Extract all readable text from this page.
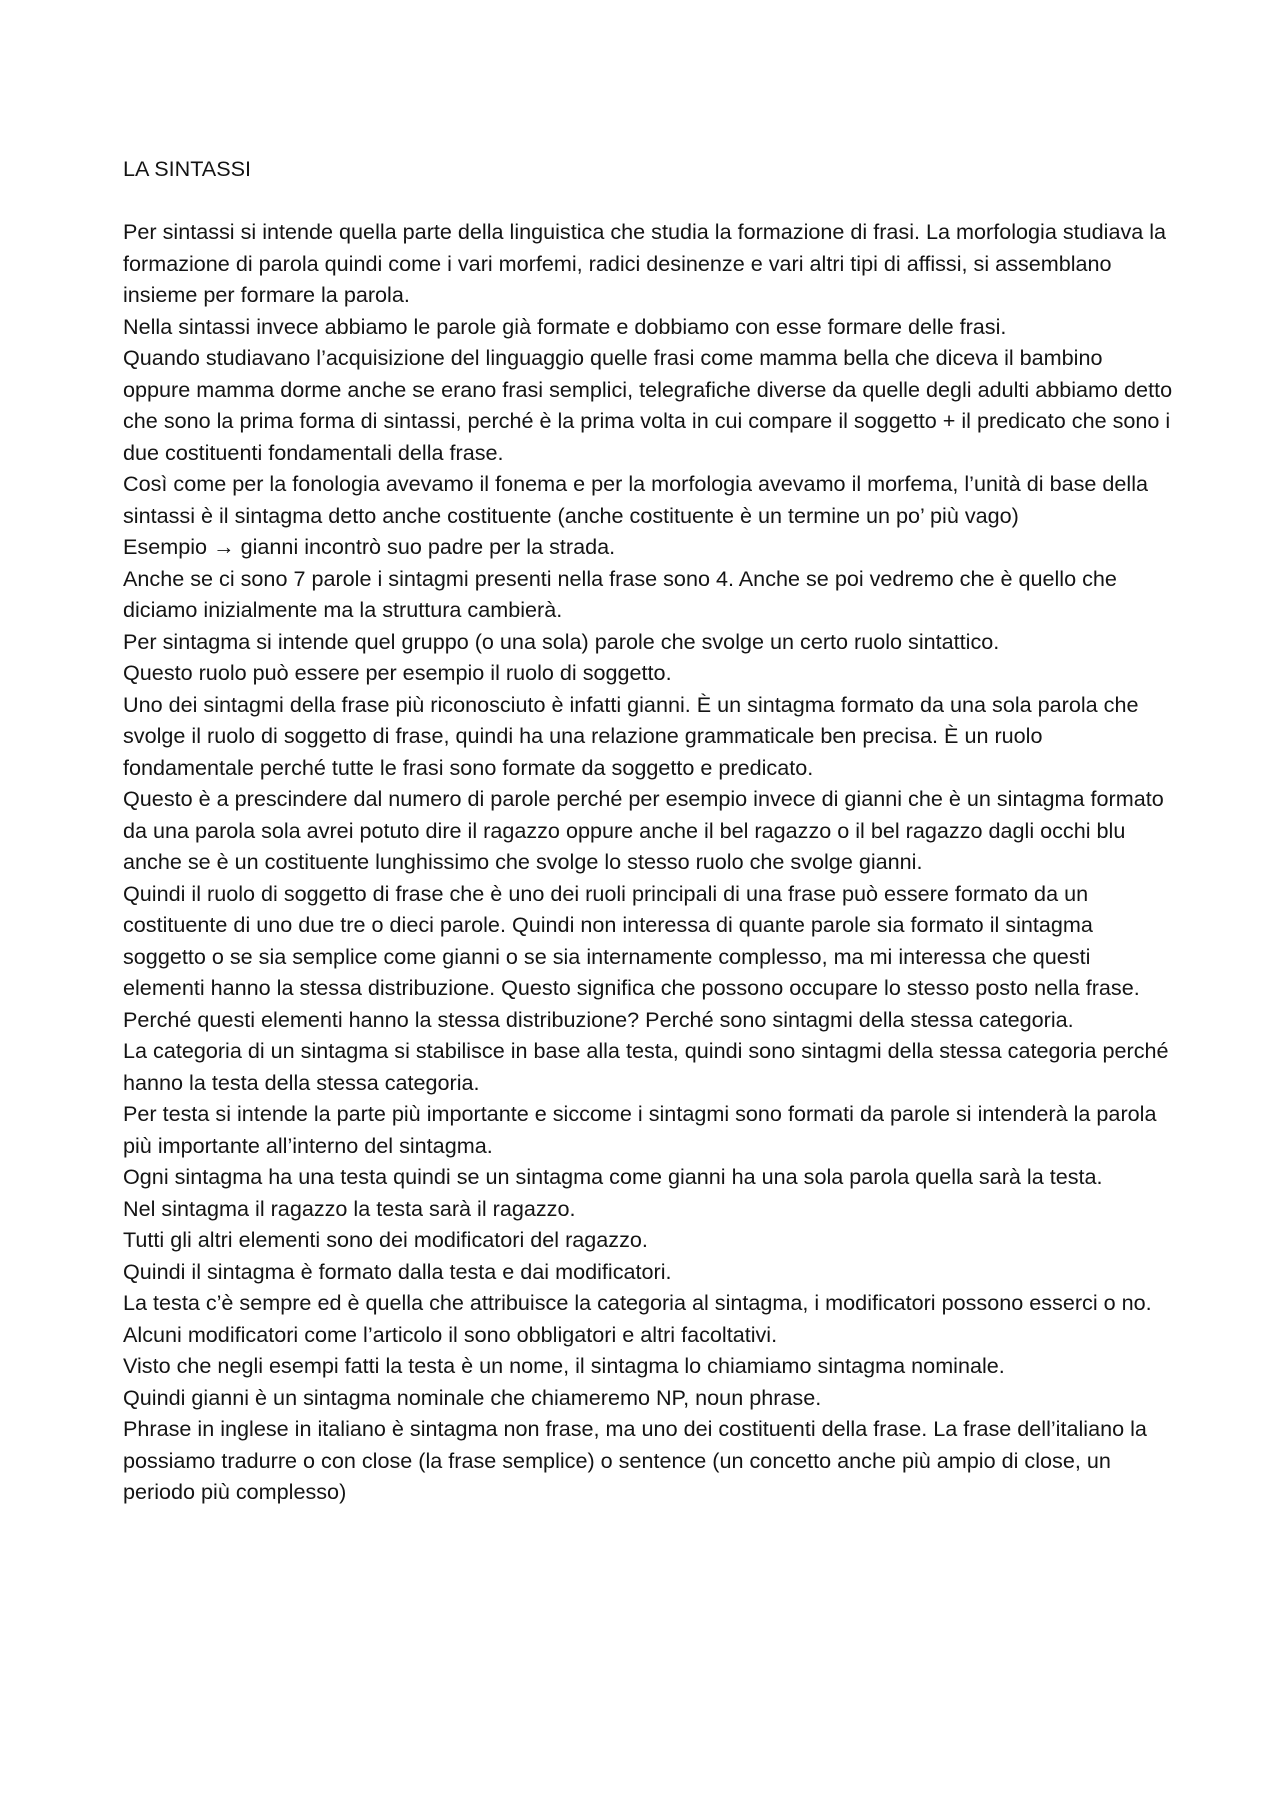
LA SINTASSI

Per sintassi si intende quella parte della linguistica che studia la formazione di frasi. La morfologia studiava la formazione di parola quindi come i vari morfemi, radici desinenze e vari altri tipi di affissi, si assemblano insieme per formare la parola.

Nella sintassi invece abbiamo le parole già formate e dobbiamo con esse formare delle frasi.

Quando studiavano l’acquisizione del linguaggio quelle frasi come mamma bella che diceva il bambino oppure mamma dorme anche se erano frasi semplici, telegrafiche diverse da quelle degli adulti abbiamo detto che sono la prima forma di sintassi, perché è la prima volta in cui compare il soggetto + il predicato che sono i due costituenti fondamentali della frase.

Così come per la fonologia avevamo il fonema e per la morfologia avevamo il morfema, l’unità di base della sintassi è il sintagma detto anche costituente (anche costituente è un termine un po’ più vago)

Esempio → gianni incontrò suo padre per la strada.

Anche se ci sono 7 parole i sintagmi presenti nella frase sono 4. Anche se poi vedremo che è quello che diciamo inizialmente ma la struttura cambierà.

Per sintagma si intende quel gruppo (o una sola) parole che svolge un certo ruolo sintattico.

Questo ruolo può essere per esempio il ruolo di soggetto.

Uno dei sintagmi della frase più riconosciuto è infatti gianni. È un sintagma formato da una sola parola che svolge il ruolo di soggetto di frase, quindi ha una relazione grammaticale ben precisa. È un ruolo fondamentale perché tutte le frasi sono formate da soggetto e predicato.

Questo è a prescindere dal numero di parole perché per esempio invece di gianni che è un sintagma formato da una parola sola avrei potuto dire il ragazzo oppure anche il bel ragazzo o il bel ragazzo dagli occhi blu anche se è un costituente lunghissimo che svolge lo stesso ruolo che svolge gianni.

Quindi il ruolo di soggetto di frase che è uno dei ruoli principali di una frase può essere formato da un costituente di uno due tre o dieci parole. Quindi non interessa di quante parole sia formato il sintagma soggetto o se sia semplice come gianni o se sia internamente complesso, ma mi interessa che questi elementi hanno la stessa distribuzione. Questo significa che possono occupare lo stesso posto nella frase.

Perché questi elementi hanno la stessa distribuzione? Perché sono sintagmi della stessa categoria.

La categoria di un sintagma si stabilisce in base alla testa, quindi sono sintagmi della stessa categoria perché hanno la testa della stessa categoria.

Per testa si intende la parte più importante e siccome i sintagmi sono formati da parole si intenderà la parola più importante all’interno del sintagma.

Ogni sintagma ha una testa quindi se un sintagma come gianni ha una sola parola quella sarà la testa.

Nel sintagma il ragazzo la testa sarà il ragazzo.

Tutti gli altri elementi sono dei modificatori del ragazzo.

Quindi il sintagma è formato dalla testa e dai modificatori.

La testa c’è sempre ed è quella che attribuisce la categoria al sintagma, i modificatori possono esserci o no.

Alcuni modificatori come l’articolo il sono obbligatori e altri facoltativi.

Visto che negli esempi fatti la testa è un nome, il sintagma lo chiamiamo sintagma nominale.

Quindi gianni è un sintagma nominale che chiameremo NP, noun phrase.

Phrase in inglese in italiano è sintagma non frase, ma uno dei costituenti della frase. La frase dell’italiano la possiamo tradurre o con close (la frase semplice) o sentence (un concetto anche più ampio di close, un periodo più complesso)
